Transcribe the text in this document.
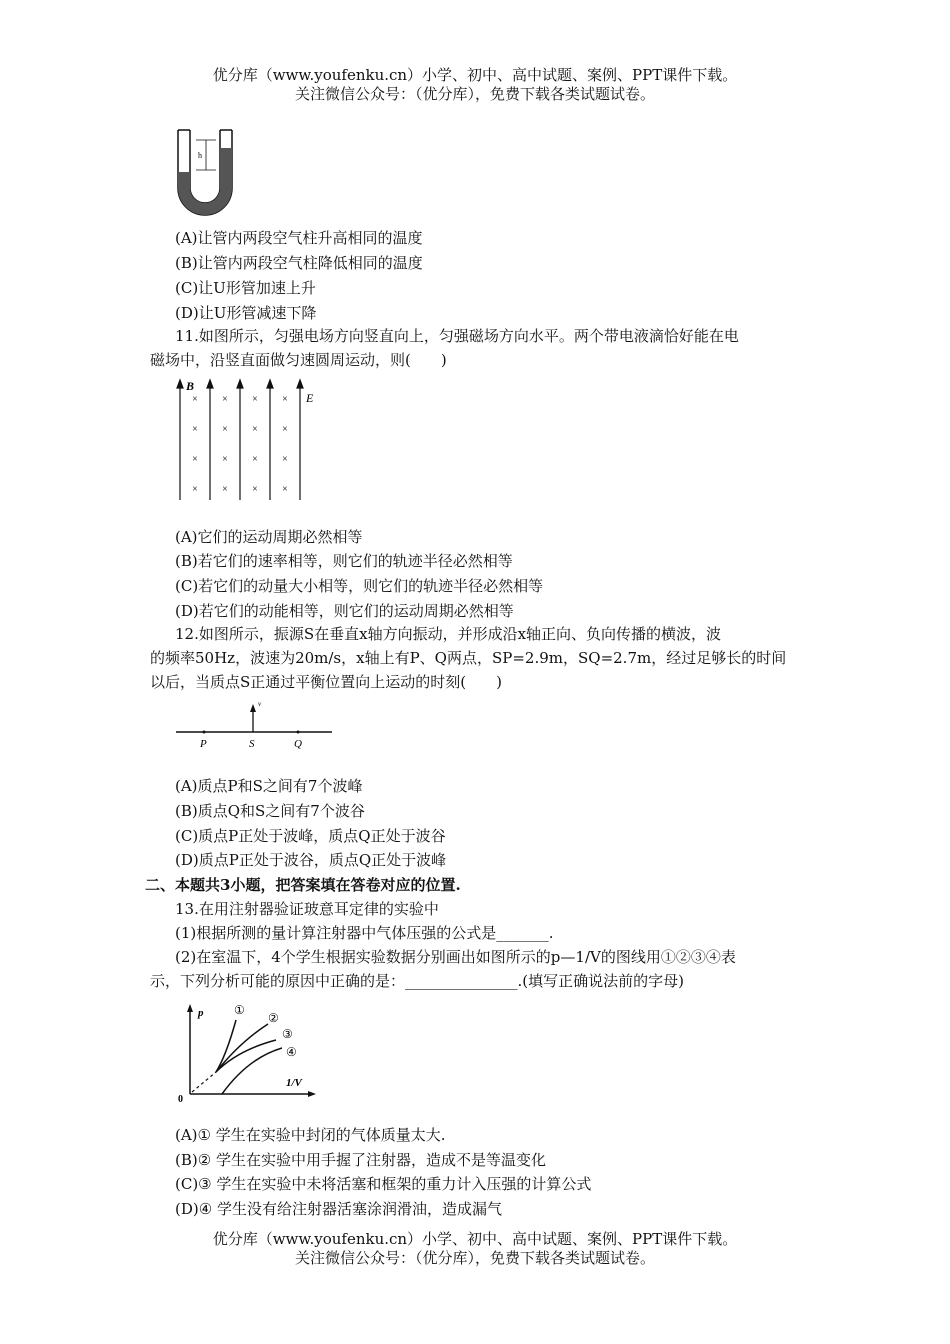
优分库（www.youfenku.cn）小学、初中、高中试题、案例、PPT课件下载。

关注微信公众号：（优分库），免费下载各类试题试卷。

h
(A)让管内两段空气柱升高相同的温度
(B)让管内两段空气柱降低相同的温度
(C)让U形管加速上升
(D)让U形管减速下降

11.如图所示，匀强电场方向竖直向上，匀强磁场方向水平。两个带电液滴恰好能在电

磁场中，沿竖直面做匀速圆周运动，则(　　)

B
E
× × × ×
× × × ×
× × × ×
× × × ×
(A)它们的运动周期必然相等
(B)若它们的速率相等，则它们的轨迹半径必然相等
(C)若它们的动量大小相等，则它们的轨迹半径必然相等
(D)若它们的动能相等，则它们的运动周期必然相等

12.如图所示，振源S在垂直x轴方向振动，并形成沿x轴正向、负向传播的横波，波

的频率50Hz，波速为20m/s，x轴上有P、Q两点，SP=2.9m，SQ=2.7m，经过足够长的时间

以后，当质点S正通过平衡位置向上运动的时刻(　　)

v
P	S	Q
(A)质点P和S之间有7个波峰
(B)质点Q和S之间有7个波谷
(C)质点P正处于波峰，质点Q正处于波谷
(D)质点P正处于波谷，质点Q正处于波峰
二、本题共3小题，把答案填在答卷对应的位置.

13.在用注射器验证玻意耳定律的实验中

(1)根据所测的量计算注射器中气体压强的公式是_______.

(2)在室温下，4个学生根据实验数据分别画出如图所示的p—1/V的图线用①②③④表

示，下列分析可能的原因中正确的是：_______________.(填写正确说法前的字母)

p
1/V
0
①
②
③
④
(A)① 学生在实验中封闭的气体质量太大.
(B)② 学生在实验中用手握了注射器，造成不是等温变化
(C)③ 学生在实验中未将活塞和框架的重力计入压强的计算公式
(D)④ 学生没有给注射器活塞涂润滑油，造成漏气

优分库（www.youfenku.cn）小学、初中、高中试题、案例、PPT课件下载。

关注微信公众号：（优分库），免费下载各类试题试卷。
